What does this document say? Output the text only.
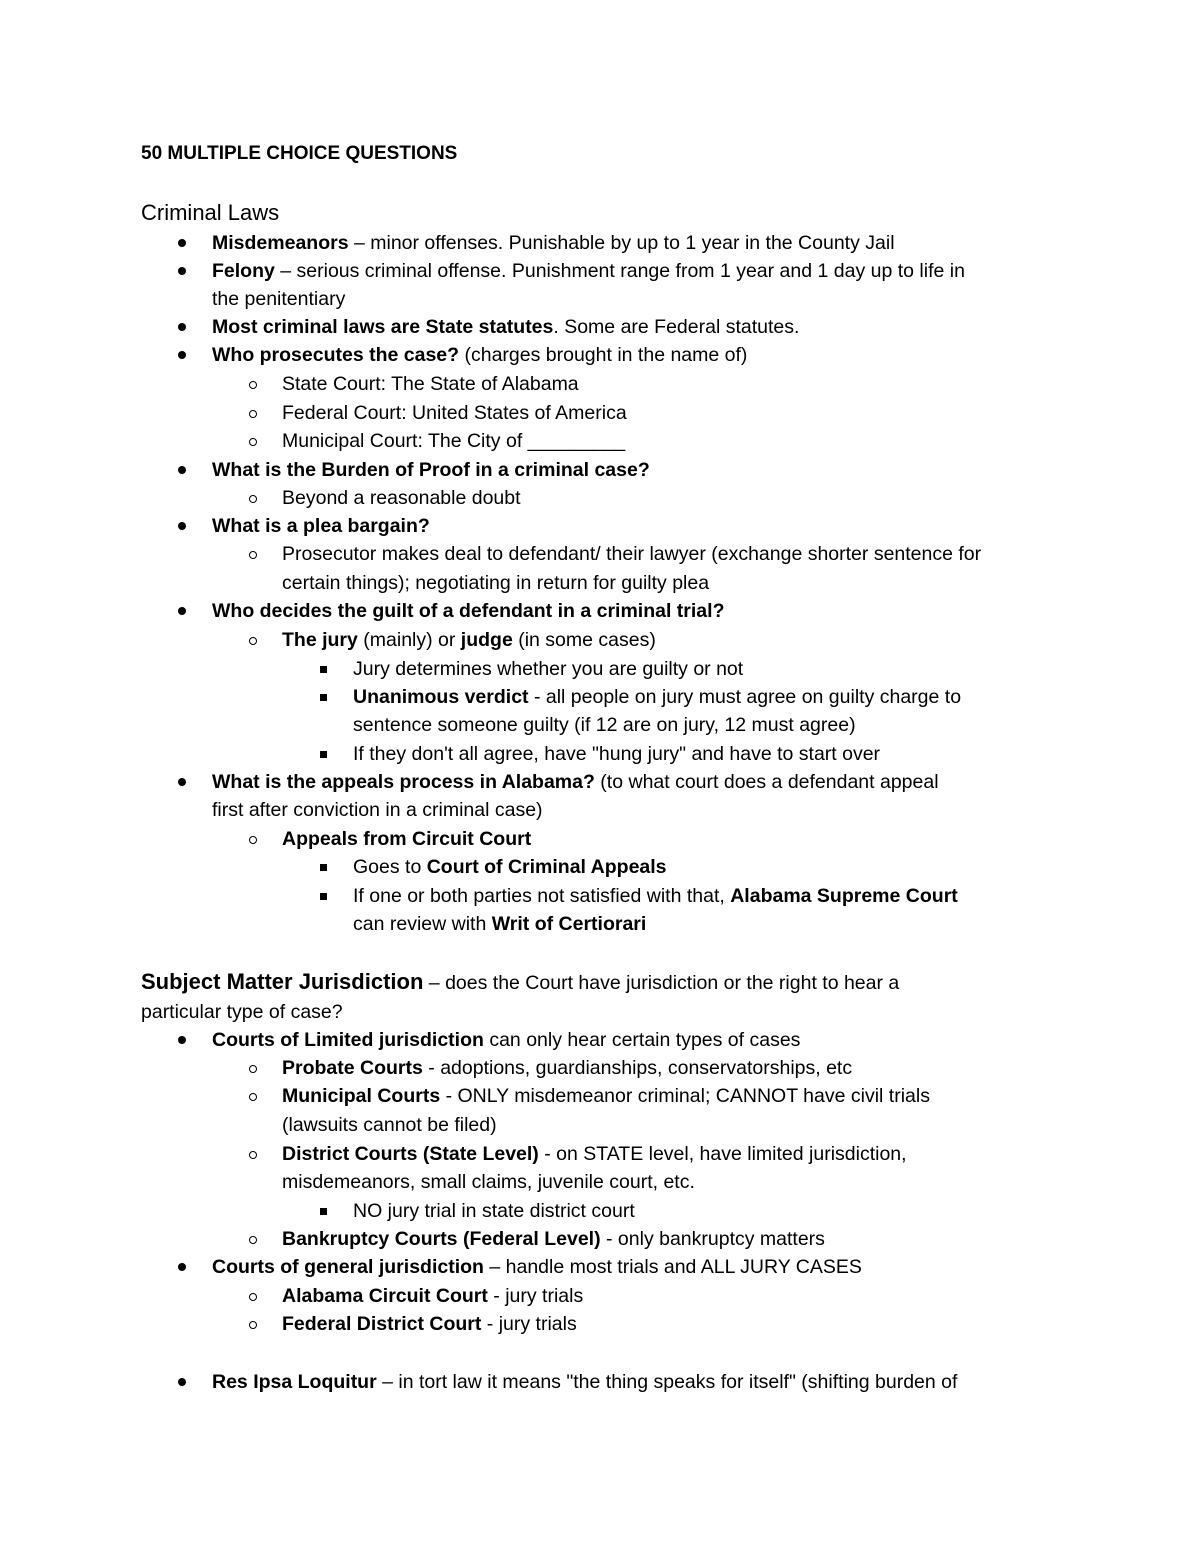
50 MULTIPLE CHOICE QUESTIONS
Criminal Laws
Misdemeanors – minor offenses. Punishable by up to 1 year in the County Jail
Felony – serious criminal offense. Punishment range from 1 year and 1 day up to life in
the penitentiary
Most criminal laws are State statutes. Some are Federal statutes.
Who prosecutes the case? (charges brought in the name of)
State Court: The State of Alabama
Federal Court: United States of America
Municipal Court: The City of _________
What is the Burden of Proof in a criminal case?
Beyond a reasonable doubt
What is a plea bargain?
Prosecutor makes deal to defendant/ their lawyer (exchange shorter sentence for
certain things); negotiating in return for guilty plea
Who decides the guilt of a defendant in a criminal trial?
The jury (mainly) or judge (in some cases)
Jury determines whether you are guilty or not
Unanimous verdict - all people on jury must agree on guilty charge to
sentence someone guilty (if 12 are on jury, 12 must agree)
If they don't all agree, have "hung jury" and have to start over
What is the appeals process in Alabama? (to what court does a defendant appeal
first after conviction in a criminal case)
Appeals from Circuit Court
Goes to Court of Criminal Appeals
If one or both parties not satisfied with that, Alabama Supreme Court
can review with Writ of Certiorari
Subject Matter Jurisdiction – does the Court have jurisdiction or the right to hear a
particular type of case?
Courts of Limited jurisdiction can only hear certain types of cases
Probate Courts - adoptions, guardianships, conservatorships, etc
Municipal Courts - ONLY misdemeanor criminal; CANNOT have civil trials
(lawsuits cannot be filed)
District Courts (State Level) - on STATE level, have limited jurisdiction,
misdemeanors, small claims, juvenile court, etc.
NO jury trial in state district court
Bankruptcy Courts (Federal Level) - only bankruptcy matters
Courts of general jurisdiction – handle most trials and ALL JURY CASES
Alabama Circuit Court - jury trials
Federal District Court - jury trials
Res Ipsa Loquitur – in tort law it means "the thing speaks for itself" (shifting burden of
